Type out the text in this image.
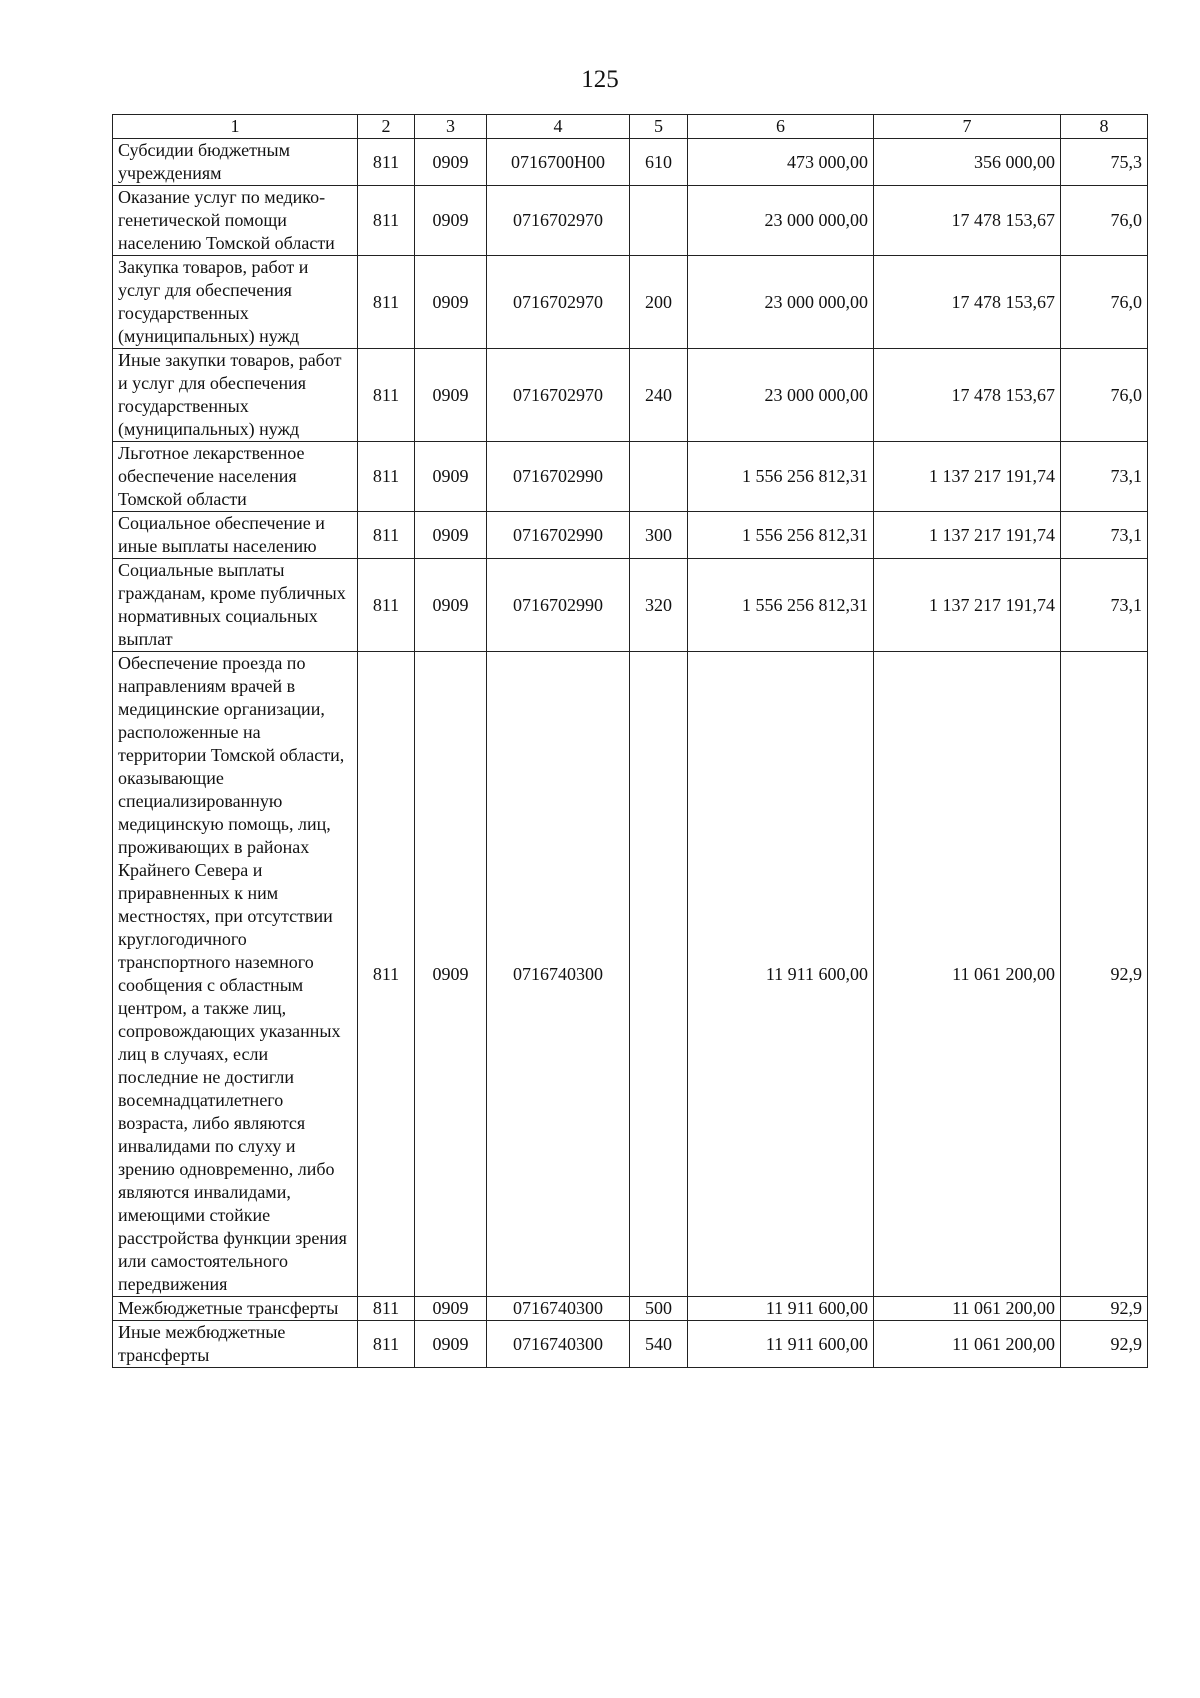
125
1	2	3	4	5	6	7	8
Субсидии бюджетным учреждениям	811	0909	0716700Н00	610	473 000,00	356 000,00	75,3
Оказание услуг по медико-генетической помощи населению Томской области	811	0909	0716702970		23 000 000,00	17 478 153,67	76,0
Закупка товаров, работ и услуг для обеспечения государственных (муниципальных) нужд	811	0909	0716702970	200	23 000 000,00	17 478 153,67	76,0
Иные закупки товаров, работ и услуг для обеспечения государственных (муниципальных) нужд	811	0909	0716702970	240	23 000 000,00	17 478 153,67	76,0
Льготное лекарственное обеспечение населения Томской области	811	0909	0716702990		1 556 256 812,31	1 137 217 191,74	73,1
Социальное обеспечение и иные выплаты населению	811	0909	0716702990	300	1 556 256 812,31	1 137 217 191,74	73,1
Социальные выплаты гражданам, кроме публичных нормативных социальных выплат	811	0909	0716702990	320	1 556 256 812,31	1 137 217 191,74	73,1
Обеспечение проезда по направлениям врачей в медицинские организации, расположенные на территории Томской области, оказывающие специализированную медицинскую помощь, лиц, проживающих в районах Крайнего Севера и приравненных к ним местностях, при отсутствии круглогодичного транспортного наземного сообщения с областным центром, а также лиц, сопровождающих указанных лиц в случаях, если последние не достигли восемнадцатилетнего возраста, либо являются инвалидами по слуху и зрению одновременно, либо являются инвалидами, имеющими стойкие расстройства функции зрения или самостоятельного передвижения	811	0909	0716740300		11 911 600,00	11 061 200,00	92,9
Межбюджетные трансферты	811	0909	0716740300	500	11 911 600,00	11 061 200,00	92,9
Иные межбюджетные трансферты	811	0909	0716740300	540	11 911 600,00	11 061 200,00	92,9
